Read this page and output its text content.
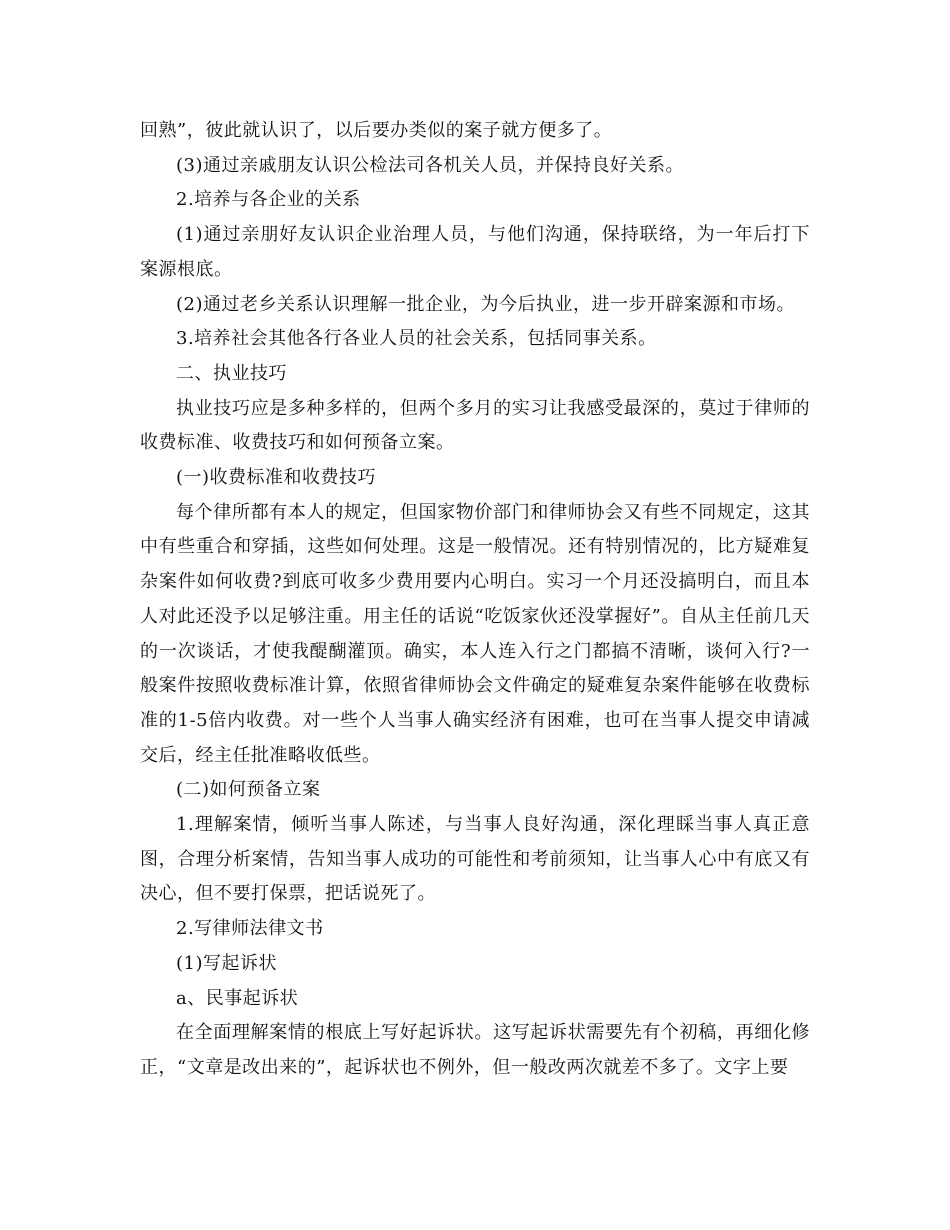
回熟”，彼此就认识了，以后要办类似的案子就方便多了。

(3)通过亲戚朋友认识公检法司各机关人员，并保持良好关系。

2.培养与各企业的关系

(1)通过亲朋好友认识企业治理人员，与他们沟通，保持联络，为一年后打下案源根底。

(2)通过老乡关系认识理解一批企业，为今后执业，进一步开辟案源和市场。

3.培养社会其他各行各业人员的社会关系，包括同事关系。

二、执业技巧

执业技巧应是多种多样的，但两个多月的实习让我感受最深的，莫过于律师的收费标准、收费技巧和如何预备立案。

(一)收费标准和收费技巧

每个律所都有本人的规定，但国家物价部门和律师协会又有些不同规定，这其中有些重合和穿插，这些如何处理。这是一般情况。还有特别情况的，比方疑难复杂案件如何收费?到底可收多少费用要内心明白。实习一个月还没搞明白，而且本人对此还没予以足够注重。用主任的话说“吃饭家伙还没掌握好”。自从主任前几天的一次谈话，才使我醍醐灌顶。确实，本人连入行之门都搞不清晰，谈何入行?一般案件按照收费标准计算，依照省律师协会文件确定的疑难复杂案件能够在收费标准的1-5倍内收费。对一些个人当事人确实经济有困难，也可在当事人提交申请减交后，经主任批准略收低些。

(二)如何预备立案

1.理解案情，倾听当事人陈述，与当事人良好沟通，深化理睬当事人真正意图，合理分析案情，告知当事人成功的可能性和考前须知，让当事人心中有底又有决心，但不要打保票，把话说死了。

2.写律师法律文书

(1)写起诉状

a、民事起诉状

在全面理解案情的根底上写好起诉状。这写起诉状需要先有个初稿，再细化修正，“文章是改出来的”，起诉状也不例外，但一般改两次就差不多了。文字上要
